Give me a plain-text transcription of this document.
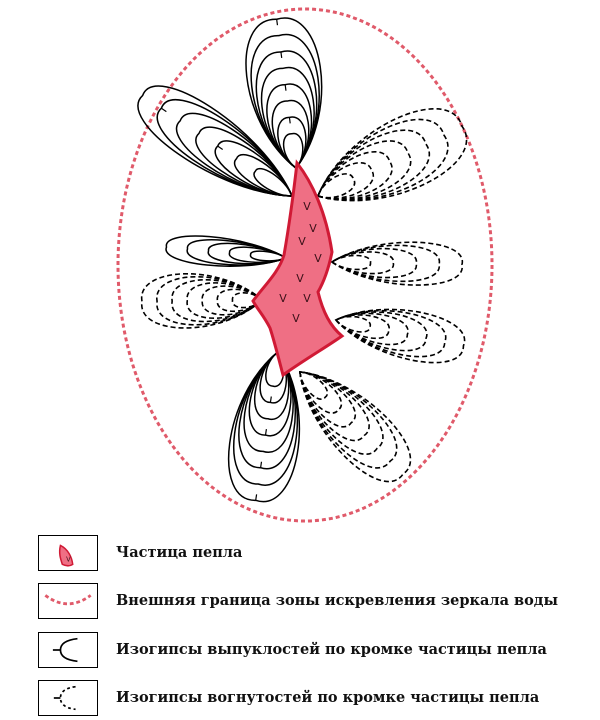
V
V
V
V
V
V V
V
V	Частица пепла
Внешняя граница зоны искревления зеркала воды
Изогипсы выпуклостей по кромке частицы пепла
Изогипсы вогнутостей по кромке частицы пепла
